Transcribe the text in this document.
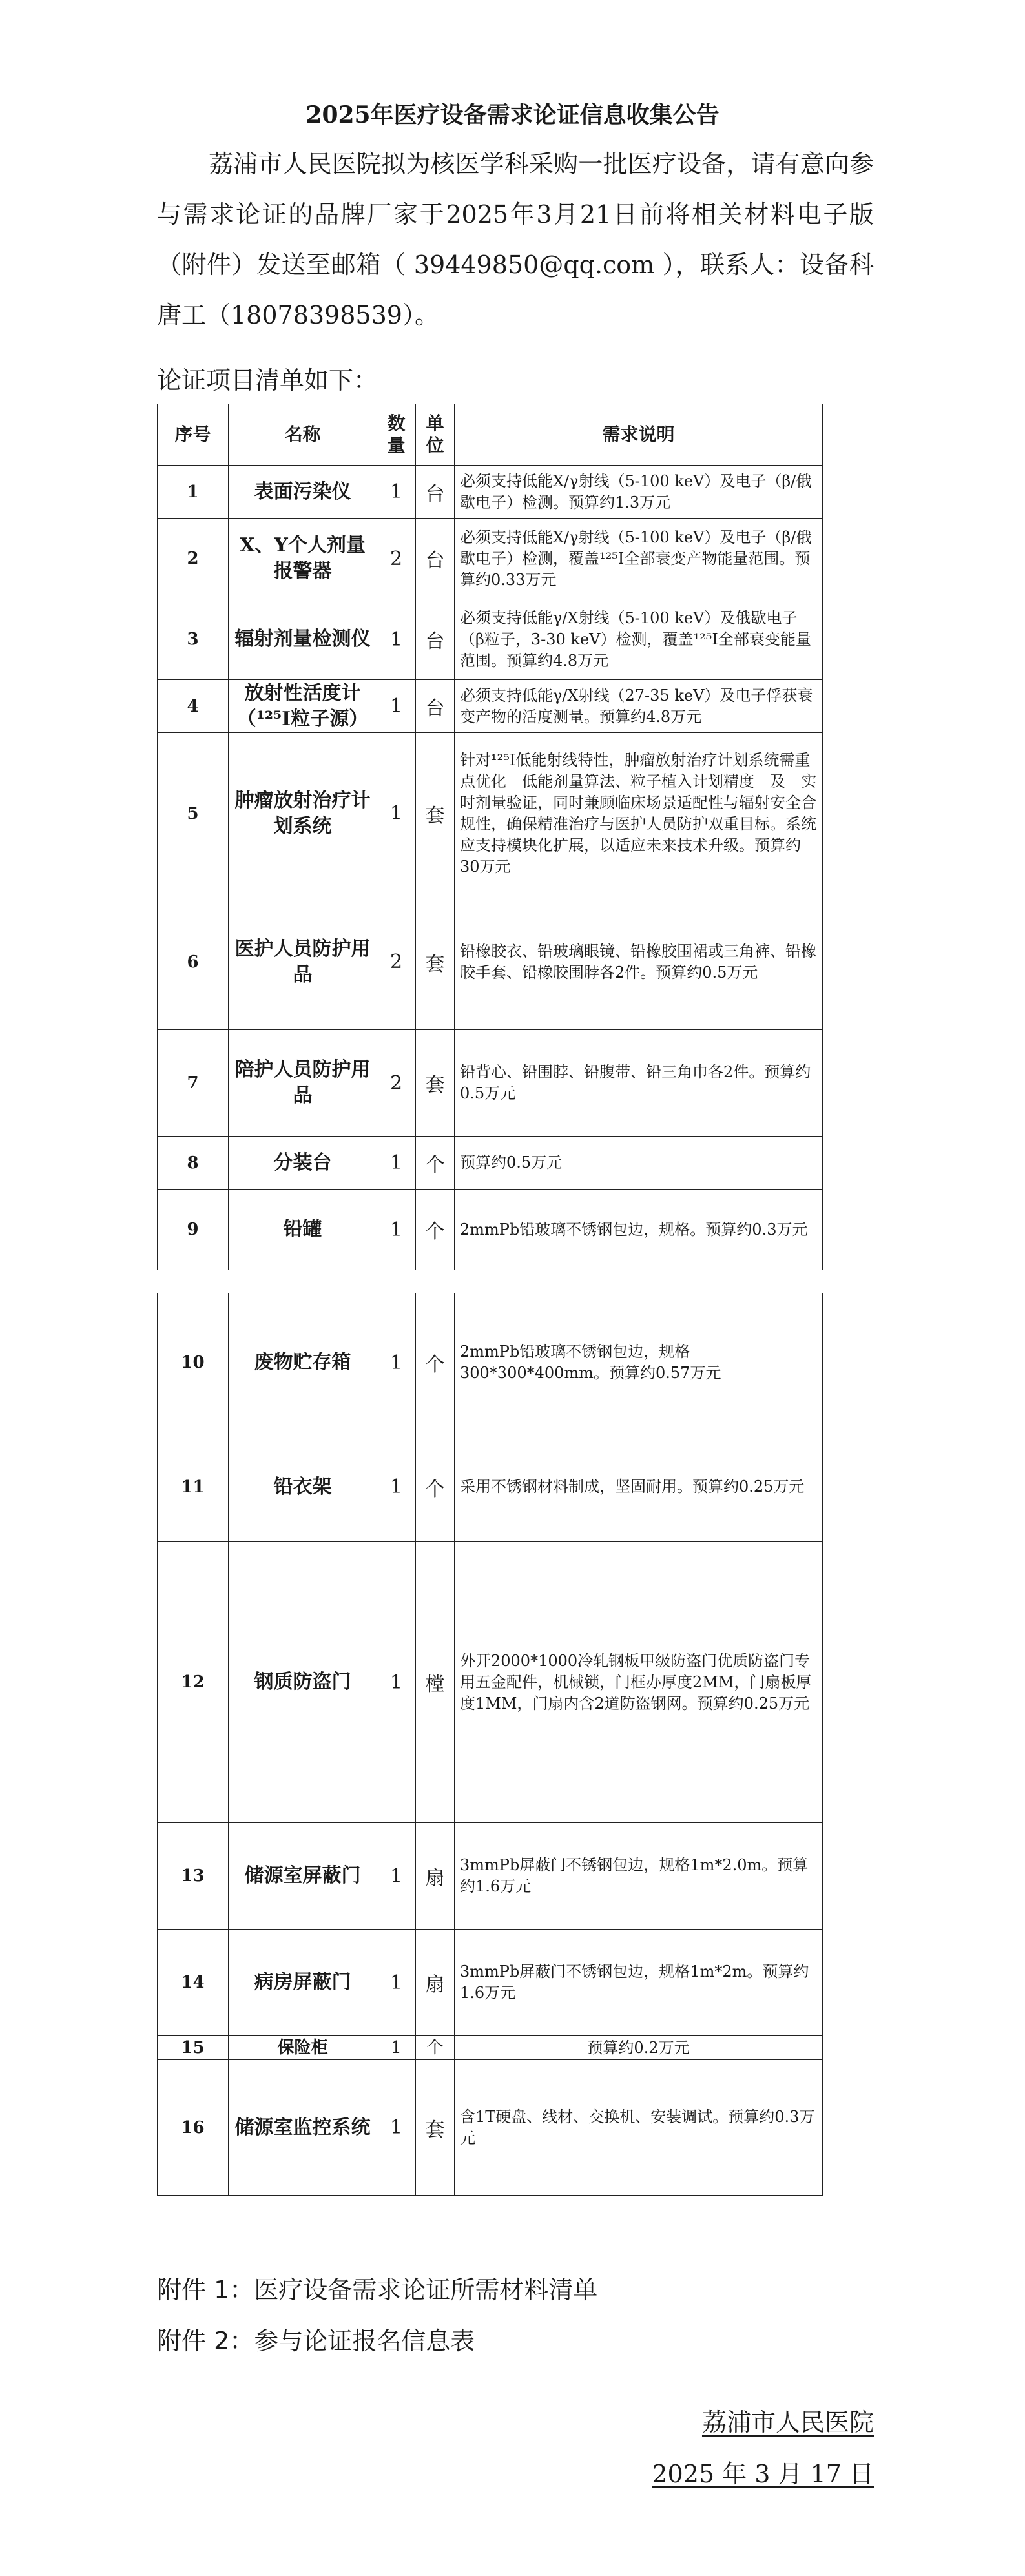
2025年医疗设备需求论证信息收集公告
荔浦市人民医院拟为核医学科采购一批医疗设备，请有意向参与需求论证的品牌厂家于2025年3月21日前将相关材料电子版（附件）发送至邮箱（ 39449850@qq.com ），联系人：设备科　唐工（18078398539）。
论证项目清单如下：
序号	名称	数量	单位	需求说明
1	表面污染仪	1	台	必须支持低能X/γ射线（5-100 keV）及电子（β/俄歇电子）检测。预算约1.3万元
2	X、Y个人剂量报警器	2	台	必须支持低能X/γ射线（5-100 keV）及电子（β/俄歇电子）检测，覆盖¹²⁵I全部衰变产物能量范围。预算约0.33万元
3	辐射剂量检测仪	1	台	必须支持低能γ/X射线（5-100 keV）及俄歇电子（β粒子，3-30 keV）检测，覆盖¹²⁵I全部衰变能量范围。预算约4.8万元
4	放射性活度计（¹²⁵I粒子源）	1	台	必须支持低能γ/X射线（27-35 keV）及电子俘获衰变产物的活度测量。预算约4.8万元
5	肿瘤放射治疗计划系统	1	套	针对¹²⁵I低能射线特性，肿瘤放射治疗计划系统需重点优化　低能剂量算法、粒子植入计划精度　及　实时剂量验证，同时兼顾临床场景适配性与辐射安全合规性，确保精准治疗与医护人员防护双重目标。系统应支持模块化扩展，以适应未来技术升级。预算约30万元
6	医护人员防护用品	2	套	铅橡胶衣、铅玻璃眼镜、铅橡胶围裙或三角裤、铅橡胶手套、铅橡胶围脖各2件。预算约0.5万元
7	陪护人员防护用品	2	套	铅背心、铅围脖、铅腹带、铅三角巾各2件。预算约0.5万元
8	分装台	1	个	预算约0.5万元
9	铅罐	1	个	2mmPb铅玻璃不锈钢包边，规格。预算约0.3万元
10	废物贮存箱	1	个	2mmPb铅玻璃不锈钢包边，规格300*300*400mm。预算约0.57万元
11	铅衣架	1	个	采用不锈钢材料制成，坚固耐用。预算约0.25万元
12	钢质防盗门	1	樘	外开2000*1000冷轧钢板甲级防盗门优质防盗门专用五金配件，机械锁，门框办厚度2MM，门扇板厚度1MM，门扇内含2道防盗钢网。预算约0.25万元
13	储源室屏蔽门	1	扇	3mmPb屏蔽门不锈钢包边，规格1m*2.0m。预算约1.6万元
14	病房屏蔽门	1	扇	3mmPb屏蔽门不锈钢包边，规格1m*2m。预算约1.6万元
15	保险柜	1	个	预算约0.2万元
16	储源室监控系统	1	套	含1T硬盘、线材、交换机、安装调试。预算约0.3万元
附件 1：医疗设备需求论证所需材料清单
附件 2：参与论证报名信息表
荔浦市人民医院
2025 年 3 月 17 日
